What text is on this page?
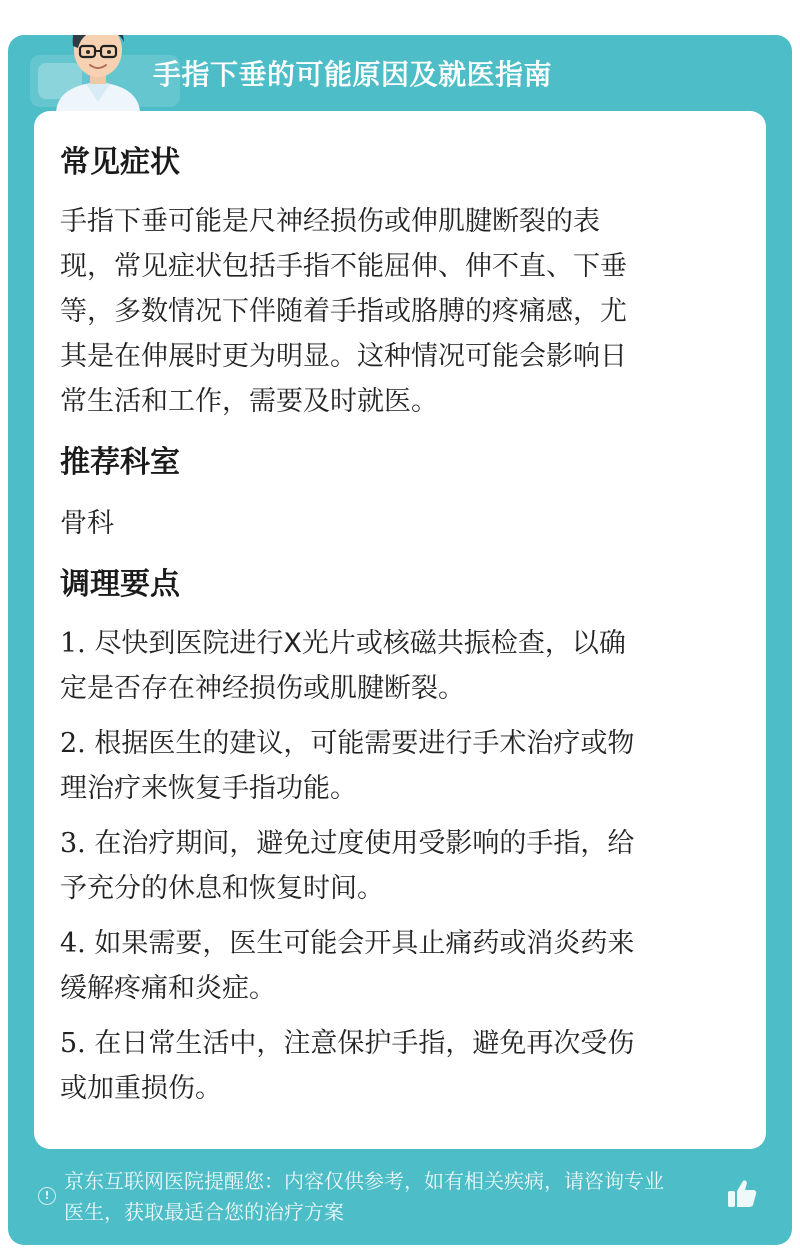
手指下垂的可能原因及就医指南
常见症状
手指下垂可能是尺神经损伤或伸肌腱断裂的表
现，常见症状包括手指不能屈伸、伸不直、下垂
等，多数情况下伴随着手指或胳膊的疼痛感，尤
其是在伸展时更为明显。这种情况可能会影响日
常生活和工作，需要及时就医。
推荐科室
骨科
调理要点
1. 尽快到医院进行X光片或核磁共振检查，以确
定是否存在神经损伤或肌腱断裂。
2. 根据医生的建议，可能需要进行手术治疗或物
理治疗来恢复手指功能。
3. 在治疗期间，避免过度使用受影响的手指，给
予充分的休息和恢复时间。
4. 如果需要，医生可能会开具止痛药或消炎药来
缓解疼痛和炎症。
5. 在日常生活中，注意保护手指，避免再次受伤
或加重损伤。
!
京东互联网医院提醒您：内容仅供参考，如有相关疾病，请咨询专业
医生，获取最适合您的治疗方案
